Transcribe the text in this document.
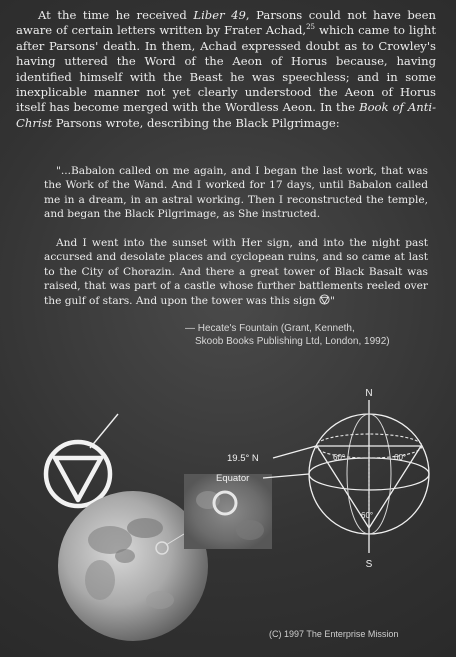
At the time he received Liber 49, Parsons could not have been aware of certain letters written by Frater Achad,$^{25}$ which came to light after Parsons' death. In them, Achad expressed doubt as to Crowley's having uttered the Word of the Aeon of Horus because, having identified himself with the Beast he was speechless; and in some inexplicable manner not yet clearly understood the Aeon of Horus itself has become merged with the Wordless Aeon. In the Book of Anti-Christ Parsons wrote, describing the Black Pilgrimage:
"...Babalon called on me again, and I began the last work, that was the Work of the Wand. And I worked for 17 days, until Babalon called me in a dream, in an astral working. Then I reconstructed the temple, and began the Black Pilgrimage, as She instructed.
And I went into the sunset with Her sign, and into the night past accursed and desolate places and cyclopean ruins, and so came at last to the City of Chorazin. And there a great tower of Black Basalt was raised, that was part of a castle whose further battlements reeled over the gulf of stars. And upon the tower was this sign "
— Hecate's Fountain (Grant, Kenneth,
Skoob Books Publishing Ltd, London, 1992)
N
S
19.5° N
Equator
60°	60°
60°
(C) 1997 The Enterprise Mission
